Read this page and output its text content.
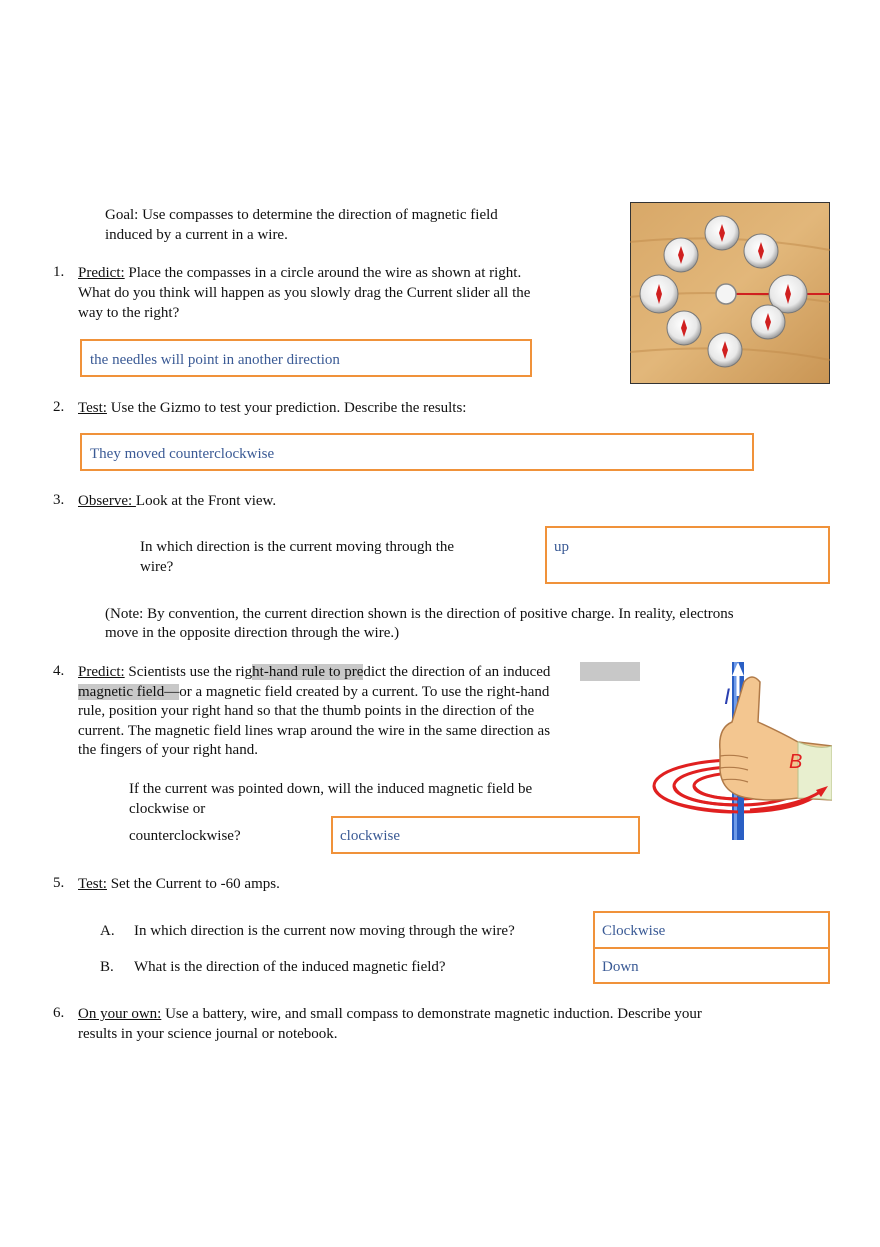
Goal: Use compasses to determine the direction of magnetic field
induced by a current in a wire.
1. Predict: Place the compasses in a circle around the wire as shown at right.
What do you think will happen as you slowly drag the Current slider all the
way to the right?
the needles will point in another direction
2. Test: Use the Gizmo to test your prediction. Describe the results:
They moved counterclockwise
3. Observe: Look at the Front view.
In which direction is the current moving through the
wire?
up
(Note: By convention, the current direction shown is the direction of positive charge. In reality, electrons
move in the opposite direction through the wire.)
4. Predict: Scientists use the right-hand rule to predict the direction of an induced
magnetic field—or a magnetic field created by a current. To use the right-hand
rule, position your right hand so that the thumb points in the direction of the
current. The magnetic field lines wrap around the wire in the same direction as
the fingers of your right hand.
If the current was pointed down, will the induced magnetic field be
clockwise or
counterclockwise?	clockwise
I
B
5. Test: Set the Current to -60 amps.
A. In which direction is the current now moving through the wire?	Clockwise
B. What is the direction of the induced magnetic field?	Down
6. On your own: Use a battery, wire, and small compass to demonstrate magnetic induction. Describe your
results in your science journal or notebook.
